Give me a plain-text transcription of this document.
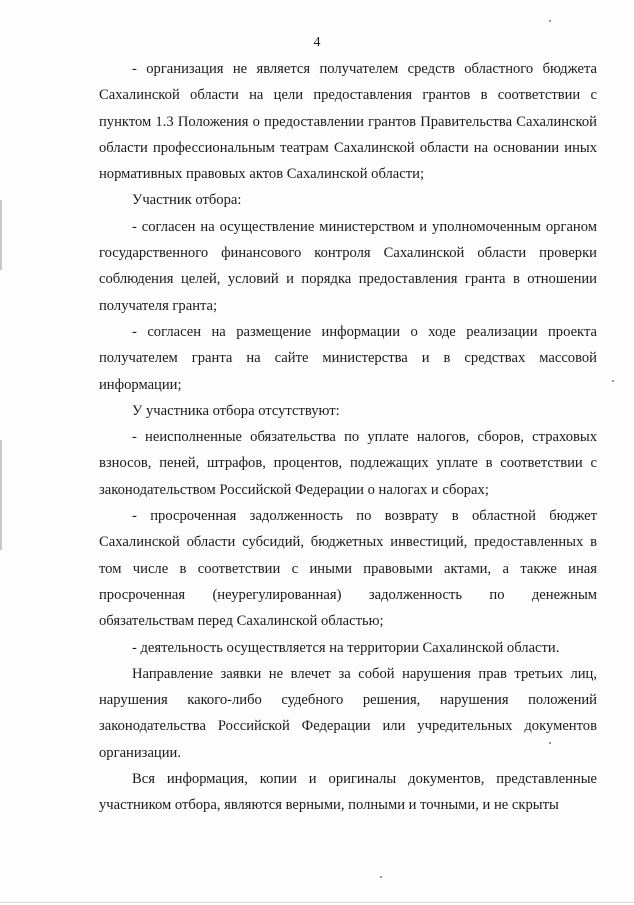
4

- организация не является получателем средств областного бюджета Сахалинской области на цели предоставления грантов в соответствии с пунктом 1.3 Положения о предоставлении грантов Правительства Сахалинской области профессиональным театрам Сахалинской области на основании иных нормативных правовых актов Сахалинской области;

Участник отбора:

- согласен на осуществление министерством и уполномоченным органом государственного финансового контроля Сахалинской области проверки соблюдения целей, условий и порядка предоставления гранта в отношении получателя гранта;

- согласен на размещение информации о ходе реализации проекта получателем гранта на сайте министерства и в средствах массовой информации;

У участника отбора отсутствуют:

- неисполненные обязательства по уплате налогов, сборов, страховых взносов, пеней, штрафов, процентов, подлежащих уплате в соответствии с законодательством Российской Федерации о налогах и сборах;

- просроченная задолженность по возврату в областной бюджет Сахалинской области субсидий, бюджетных инвестиций, предоставленных в том числе в соответствии с иными правовыми актами, а также иная просроченная (неурегулированная) задолженность по денежным обязательствам перед Сахалинской областью;

- деятельность осуществляется на территории Сахалинской области.

Направление заявки не влечет за собой нарушения прав третьих лиц, нарушения какого-либо судебного решения, нарушения положений законодательства Российской Федерации или учредительных документов организации.

Вся информация, копии и оригиналы документов, представленные участником отбора, являются верными, полными и точными, и не скрыты
